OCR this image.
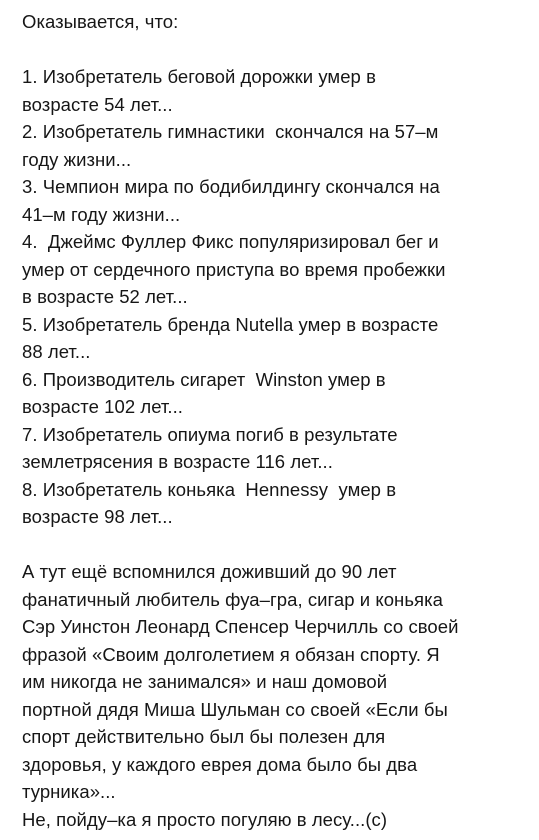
Оказывается, что:

1. Изобретатель беговой дорожки умер в
возрасте 54 лет...
2. Изобретатель гимнастики  скончался на 57–м
году жизни...
3. Чемпион мира по бодибилдингу скончался на
41–м году жизни...
4.  Джеймс Фуллер Фикс популяризировал бег и
умер от сердечного приступа во время пробежки
в возрасте 52 лет...
5. Изобретатель бренда Nutella умер в возрасте
88 лет...
6. Производитель сигарет  Winston умер в
возрасте 102 лет...
7. Изобретатель опиума погиб в результате
землетрясения в возрасте 116 лет...
8. Изобретатель коньяка  Hennessy  умер в
возрасте 98 лет...

А тут ещё вспомнился доживший до 90 лет
фанатичный любитель фуа–гра, сигар и коньяка
Сэр Уинстон Леонард Спенсер Черчилль со своей
фразой «Своим долголетием я обязан спорту. Я
им никогда не занимался» и наш домовой
портной дядя Миша Шульман со своей «Если бы
спорт действительно был бы полезен для
здоровья, у каждого еврея дома было бы два
турника»...

Не, пойду–ка я просто погуляю в лесу...(с)
